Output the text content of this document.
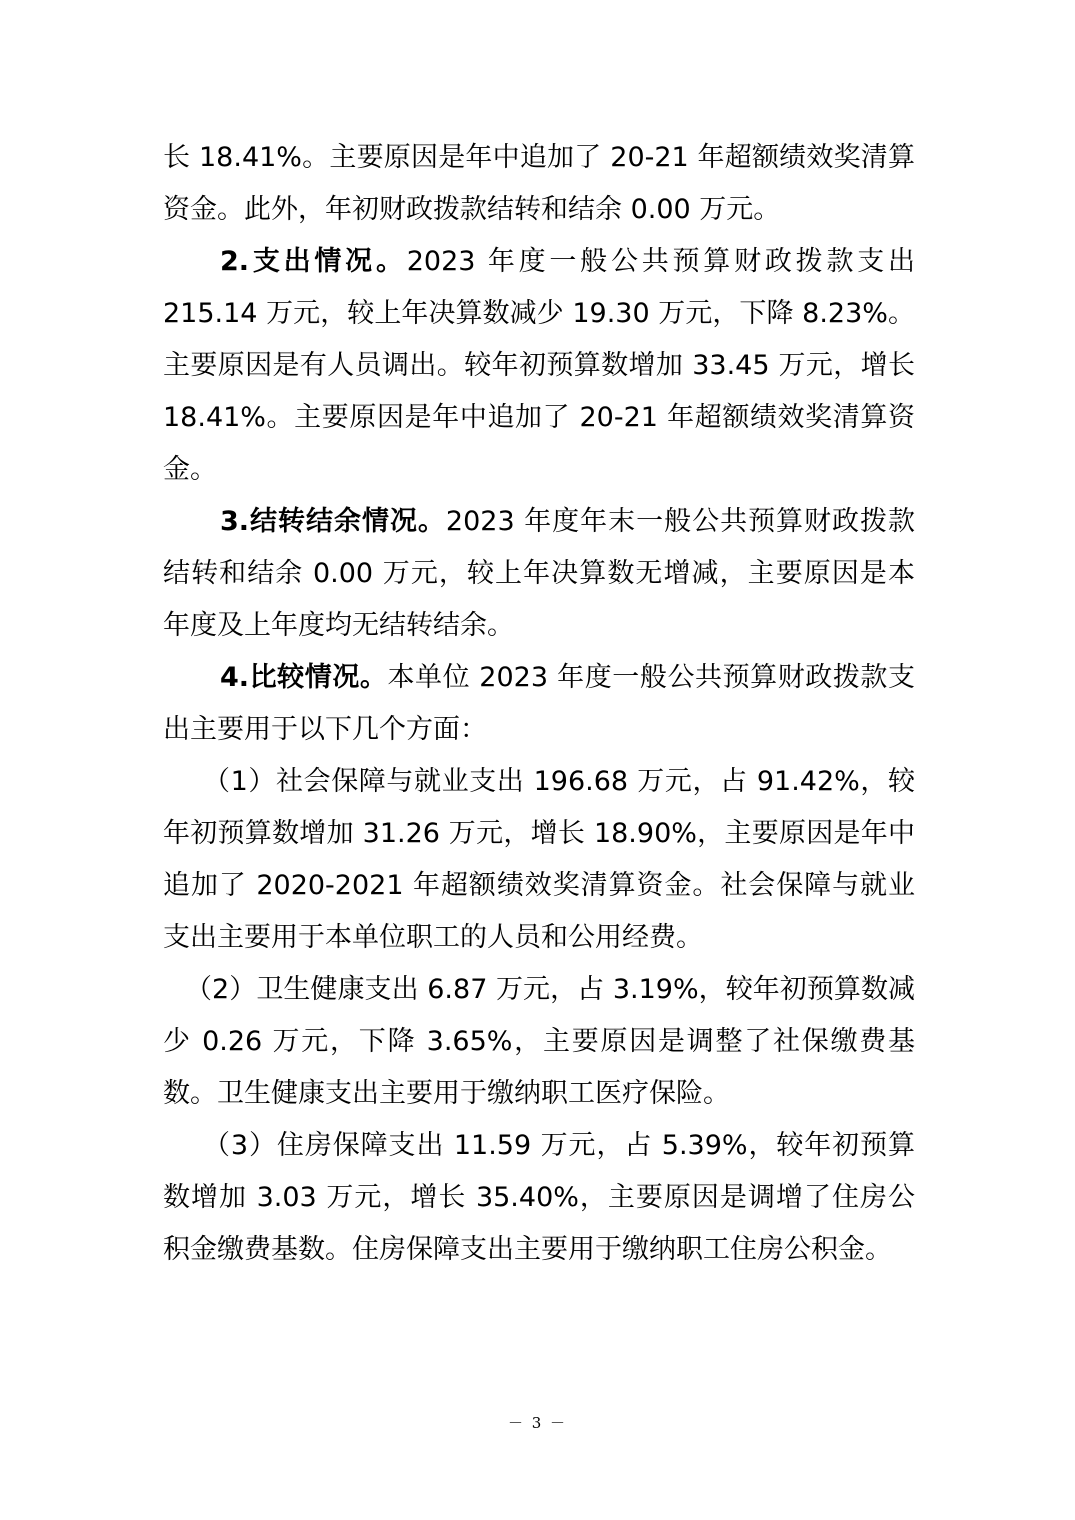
长 18.41%。主要原因是年中追加了 20-21 年超额绩效奖清算资金。此外，年初财政拨款结转和结余 0.00 万元。

2.支出情况。2023 年度一般公共预算财政拨款支出 215.14 万元，较上年决算数减少 19.30 万元，下降 8.23%。主要原因是有人员调出。较年初预算数增加 33.45 万元，增长 18.41%。主要原因是年中追加了 20-21 年超额绩效奖清算资金。

3.结转结余情况。2023 年度年末一般公共预算财政拨款结转和结余 0.00 万元，较上年决算数无增减，主要原因是本年度及上年度均无结转结余。

4.比较情况。本单位 2023 年度一般公共预算财政拨款支出主要用于以下几个方面：

（1）社会保障与就业支出 196.68 万元，占 91.42%，较年初预算数增加 31.26 万元，增长 18.90%，主要原因是年中追加了 2020-2021 年超额绩效奖清算资金。社会保障与就业支出主要用于本单位职工的人员和公用经费。

（2）卫生健康支出 6.87 万元，占 3.19%，较年初预算数减少 0.26 万元，下降 3.65%，主要原因是调整了社保缴费基数。卫生健康支出主要用于缴纳职工医疗保险。

（3）住房保障支出 11.59 万元，占 5.39%，较年初预算数增加 3.03 万元，增长 35.40%，主要原因是调增了住房公积金缴费基数。住房保障支出主要用于缴纳职工住房公积金。

－ 3 －
